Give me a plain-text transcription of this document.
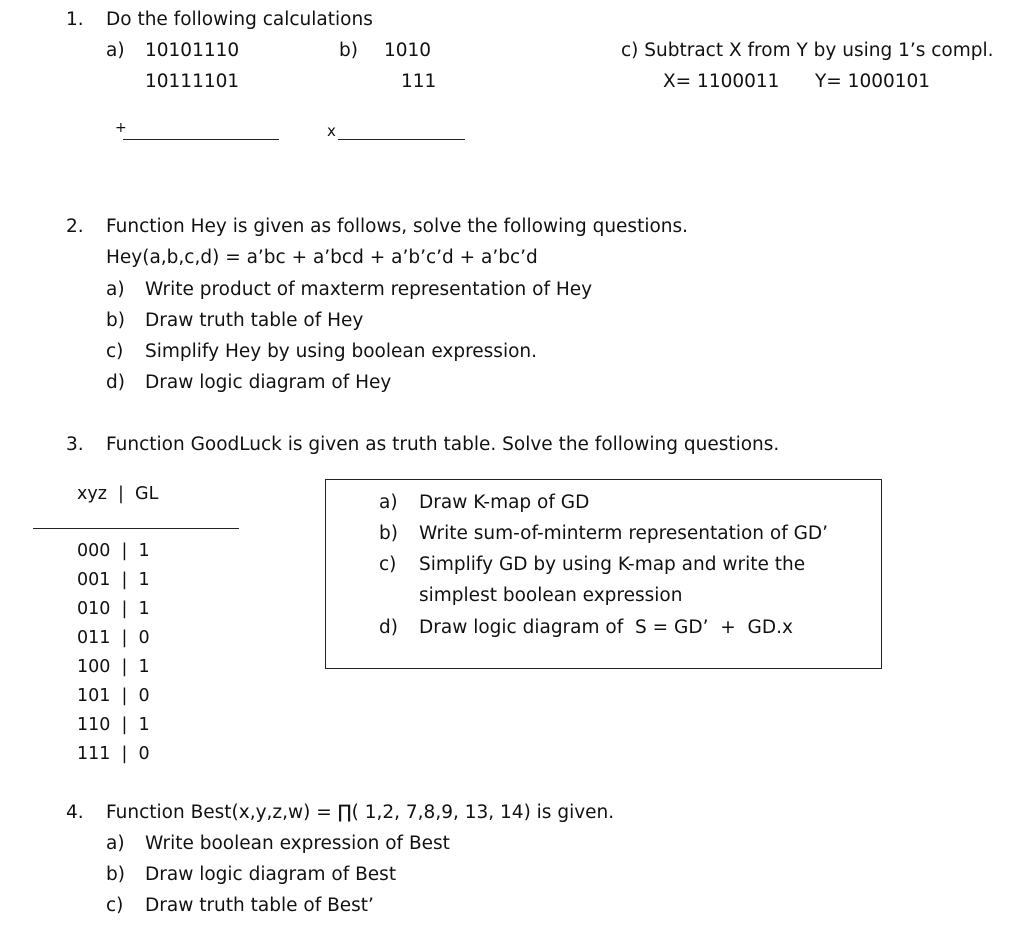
1. Do the following calculations
a) 10101110
10111101
+
b) 1010
111
x
c) Subtract X from Y by using 1’s compl.
X= 1100011 Y= 1000101
2. Function Hey is given as follows, solve the following questions.
Hey(a,b,c,d) = a’bc + a’bcd + a’b’c’d + a’bc’d
a) Write product of maxterm representation of Hey
b) Draw truth table of Hey
c) Simplify Hey by using boolean expression.
d) Draw logic diagram of Hey
3. Function GoodLuck is given as truth table. Solve the following questions.
xyz  |  GL
000  |  1
001  |  1
010  |  1
011  |  0
100  |  1
101  |  0
110  |  1
111  |  0
a) Draw K-map of GD
b) Write sum-of-minterm representation of GD’
c) Simplify GD by using K-map and write the
simplest boolean expression
d) Draw logic diagram of  S = GD’  +  GD.x
4. Function Best(x,y,z,w) = ∏( 1,2, 7,8,9, 13, 14) is given.
a) Write boolean expression of Best
b) Draw logic diagram of Best
c) Draw truth table of Best’
